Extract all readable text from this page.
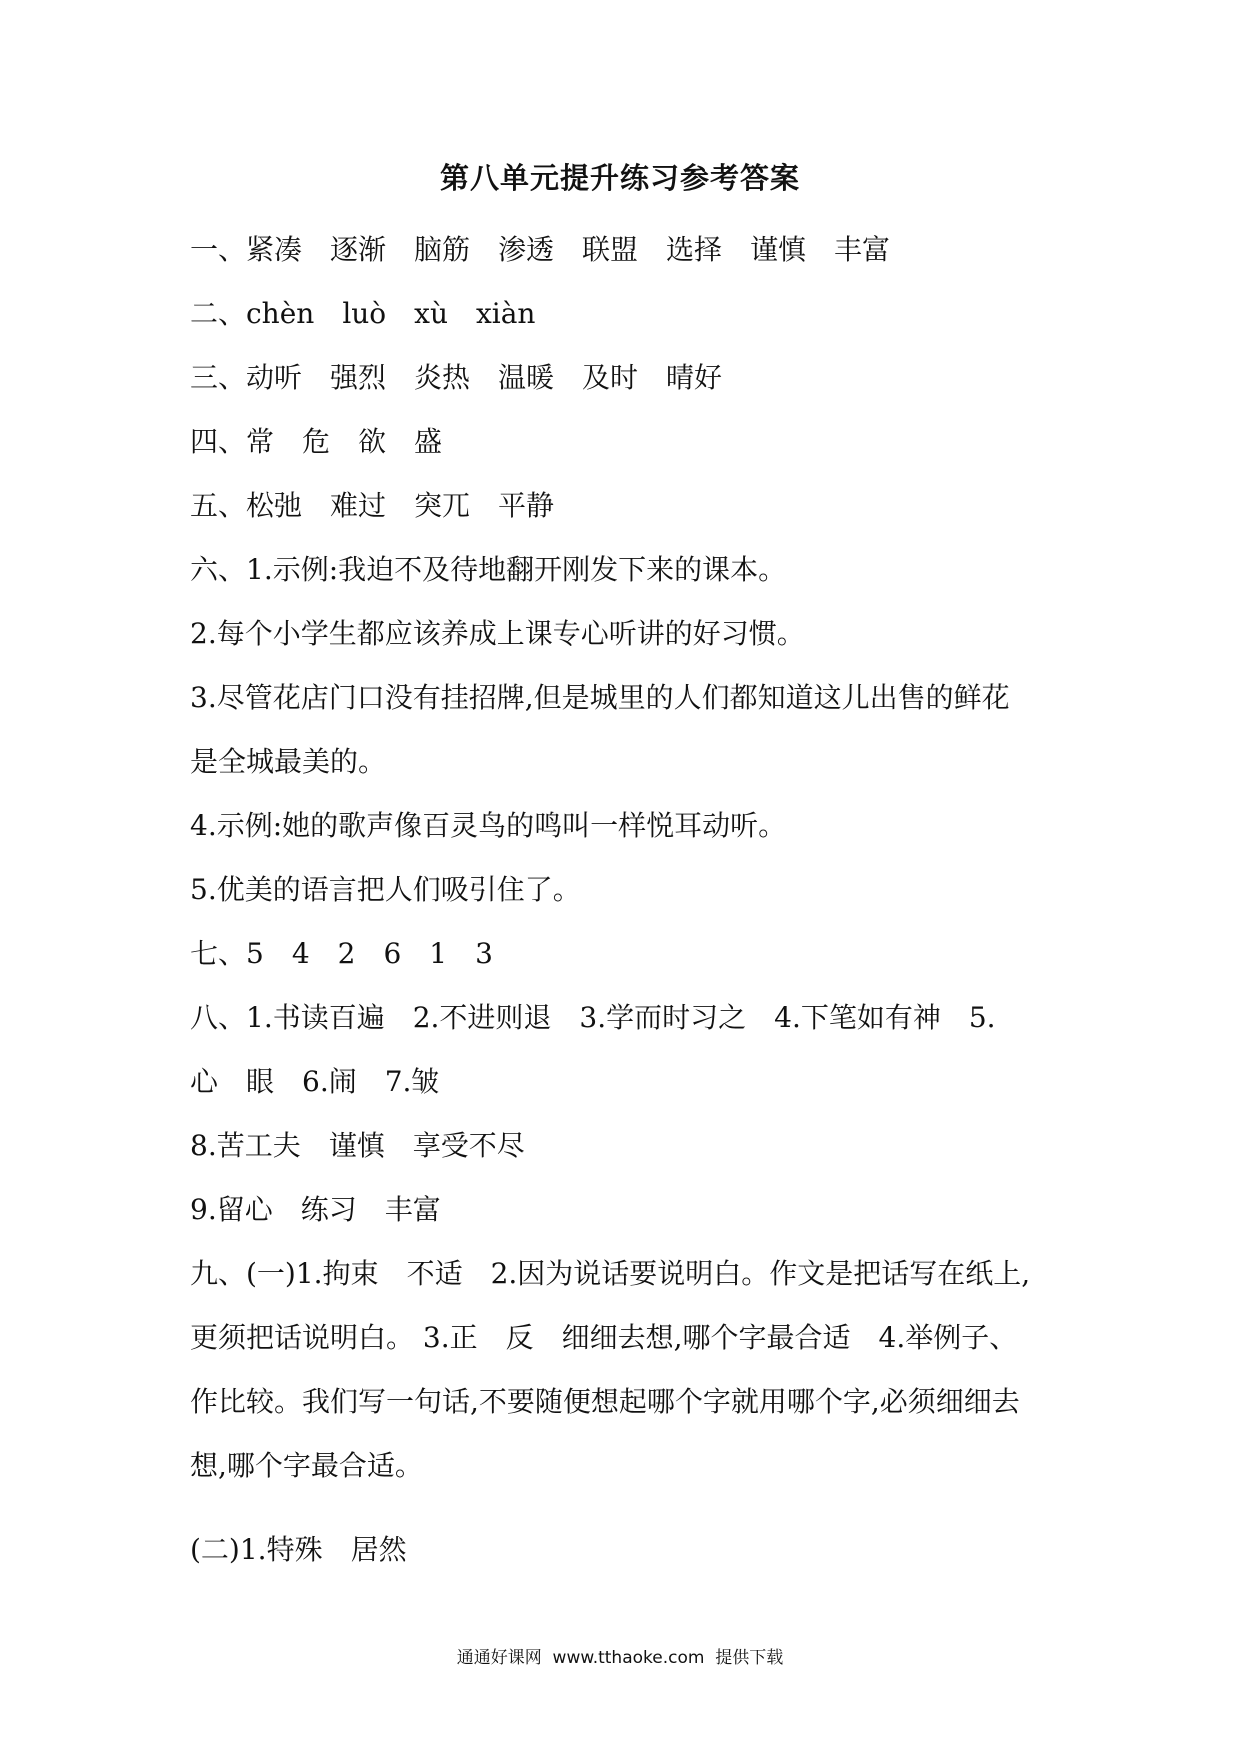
第八单元提升练习参考答案
一、紧凑　逐渐　脑筋　渗透　联盟　选择　谨慎　丰富
二、chèn　luò　xù　xiàn
三、动听　强烈　炎热　温暖　及时　晴好
四、常　危　欲　盛
五、松弛　难过　突兀　平静
六、1.示例:我迫不及待地翻开刚发下来的课本。
2.每个小学生都应该养成上课专心听讲的好习惯。
3.尽管花店门口没有挂招牌,但是城里的人们都知道这儿出售的鲜花
是全城最美的。
4.示例:她的歌声像百灵鸟的鸣叫一样悦耳动听。
5.优美的语言把人们吸引住了。
七、5　4　2　6　1　3
八、1.书读百遍　2.不进则退　3.学而时习之　4.下笔如有神　5.
心　眼　6.闹　7.皱
8.苦工夫　谨慎　享受不尽
9.留心　练习　丰富
九、(一)1.拘束　不适　2.因为说话要说明白。作文是把话写在纸上,
更须把话说明白。 3.正　反　细细去想,哪个字最合适　4.举例子、
作比较。我们写一句话,不要随便想起哪个字就用哪个字,必须细细去
想,哪个字最合适。
(二)1.特殊　居然
通通好课网  www.tthaoke.com  提供下载
